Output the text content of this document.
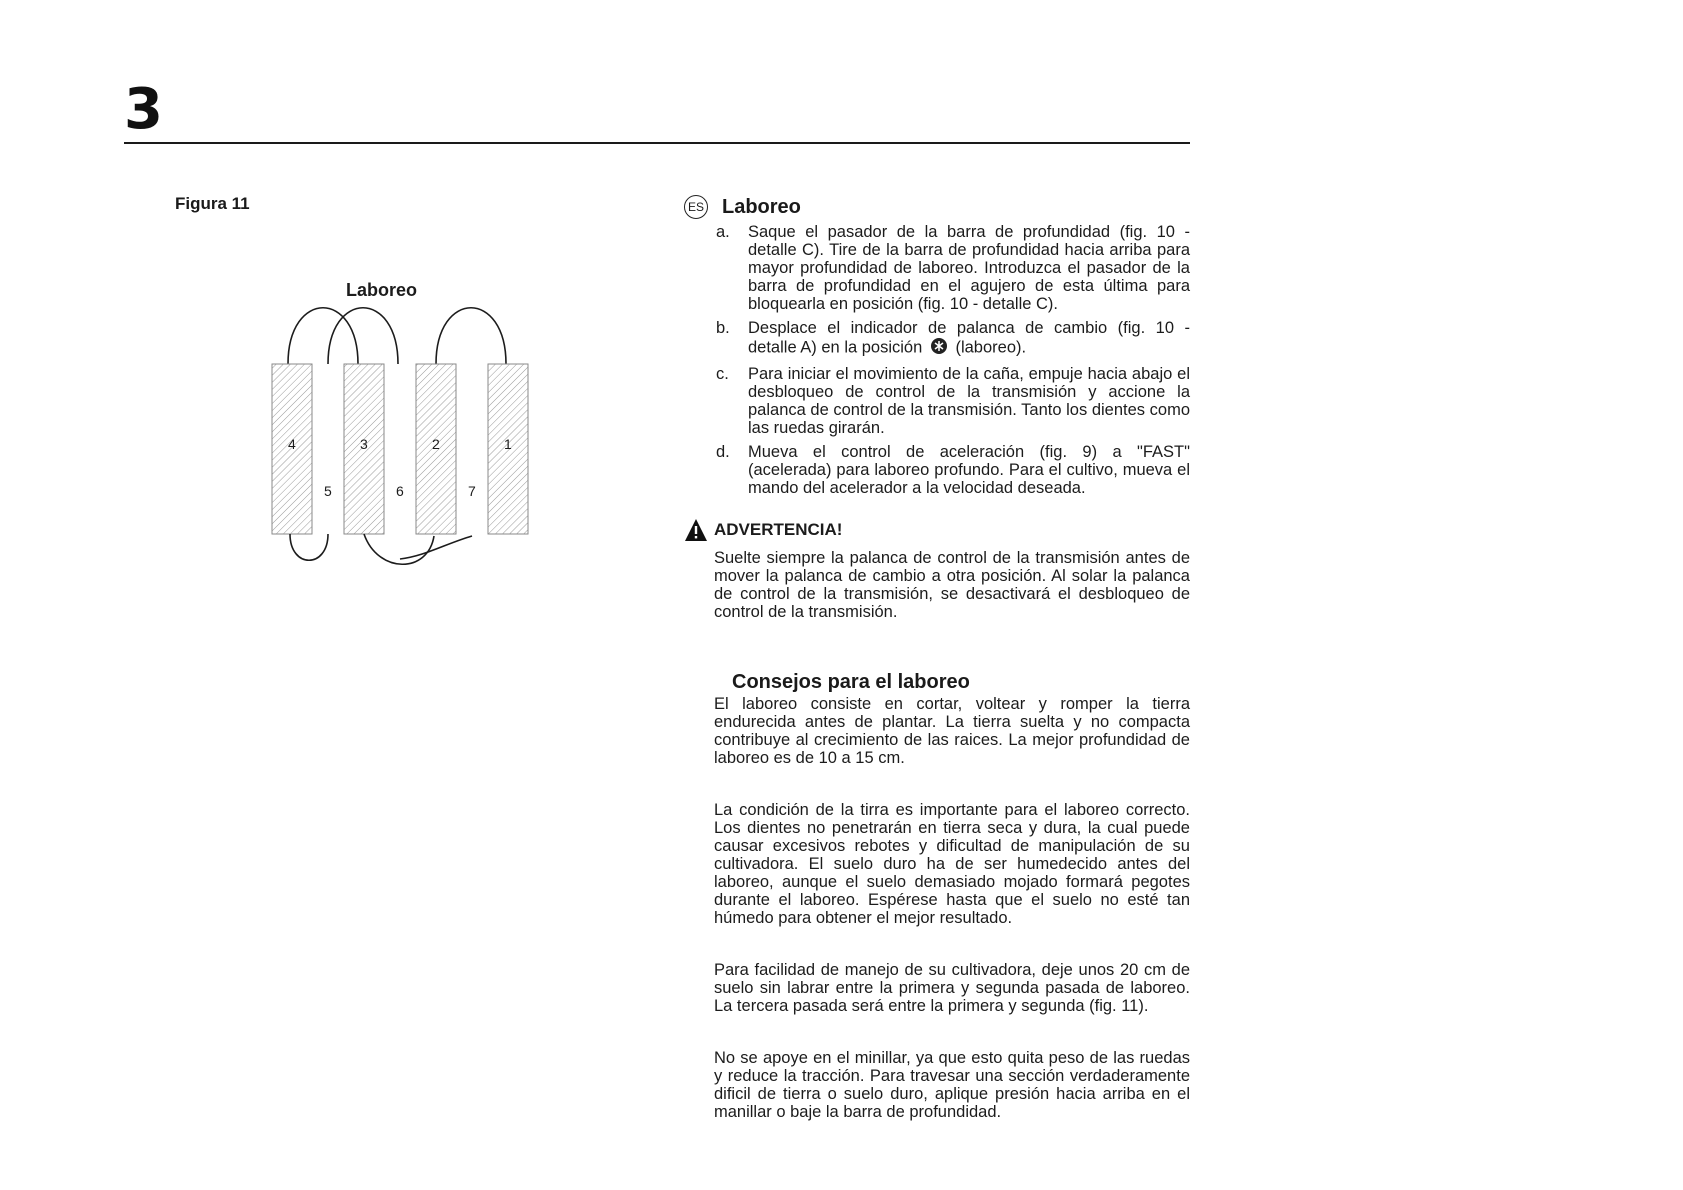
3
Figura 11
Laboreo
4	3	2	1
5	6	7
ES Laboreo
a.	Saque el pasador de la barra de profundidad (fig. 10 - detalle C). Tire de la barra de profundidad hacia arriba para mayor profundidad de laboreo. Introduzca el pasador de la barra de profundidad en el agujero de esta última para bloquearla en posición (fig. 10 - detalle C).
b.	Desplace el indicador de palanca de cambio (fig. 10 - detalle A) en la posición (laboreo).
c.	Para iniciar el movimiento de la caña, empuje hacia abajo el desbloqueo de control de la transmisión y accione la palanca de control de la transmisión. Tanto los dientes como las ruedas girarán.
d.	Mueva el control de aceleración (fig. 9) a "FAST" (acelerada) para laboreo profundo. Para el cultivo, mueva el mando del acelerador a la velocidad deseada.
ADVERTENCIA!
Suelte siempre la palanca de control de la transmisión antes de mover la palanca de cambio a otra posición. Al solar la palanca de control de la transmisión, se desactivará el desbloqueo de control de la transmisión.
Consejos para el laboreo

El laboreo consiste en cortar, voltear y romper la tierra endurecida antes de plantar. La tierra suelta y no compacta contribuye al crecimiento de las raices. La mejor profundidad de laboreo es de 10 a 15 cm.

La condición de la tirra es importante para el laboreo correcto. Los dientes no penetrarán en tierra seca y dura, la cual puede causar excesivos rebotes y dificultad de manipulación de su cultivadora. El suelo duro ha de ser humedecido antes del laboreo, aunque el suelo demasiado mojado formará pegotes durante el laboreo. Espérese hasta que el suelo no esté tan húmedo para obtener el mejor resultado.

Para facilidad de manejo de su cultivadora, deje unos 20 cm de suelo sin labrar entre la primera y segunda pasada de laboreo. La tercera pasada será entre la primera y segunda (fig. 11).

No se apoye en el minillar, ya que esto quita peso de las ruedas y reduce la tracción. Para travesar una sección verdaderamente dificil de tierra o suelo duro, aplique presión hacia arriba en el manillar o baje la barra de profundidad.
